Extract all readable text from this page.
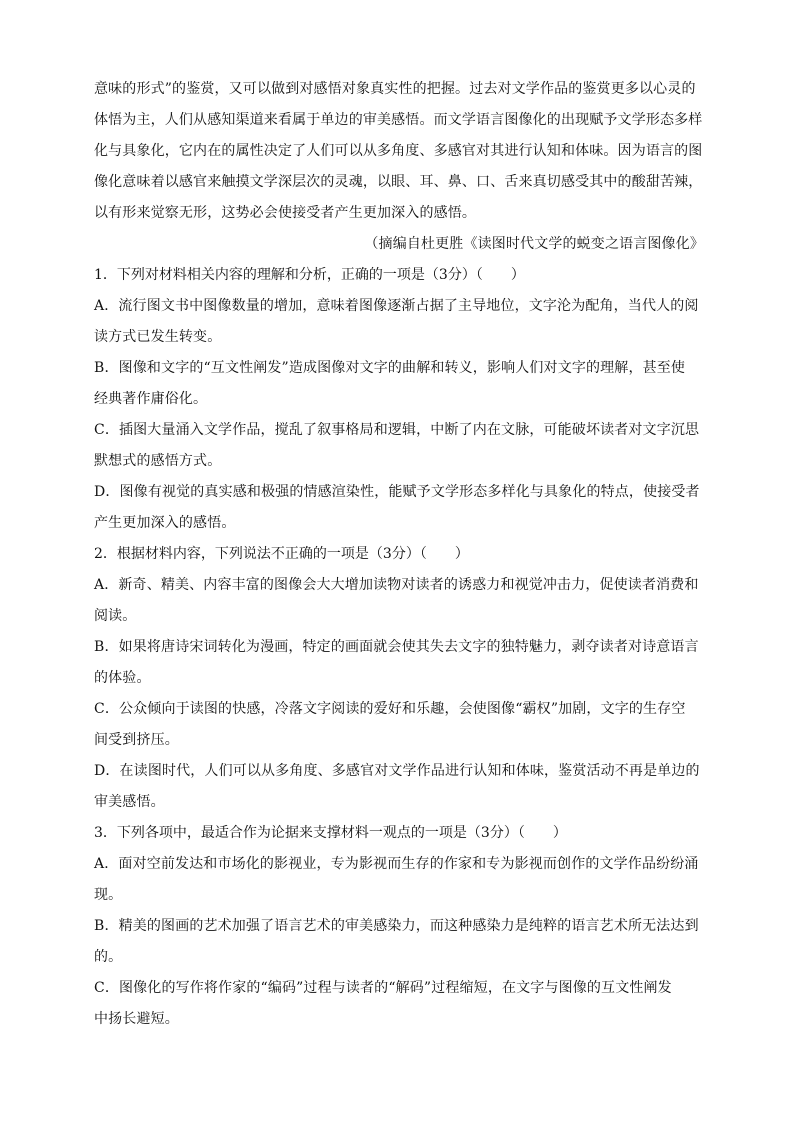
意味的形式”的鉴赏，又可以做到对感悟对象真实性的把握。过去对文学作品的鉴赏更多以心灵的
体悟为主，人们从感知渠道来看属于单边的审美感悟。而文学语言图像化的出现赋予文学形态多样
化与具象化，它内在的属性决定了人们可以从多角度、多感官对其进行认知和体味。因为语言的图
像化意味着以感官来触摸文学深层次的灵魂，以眼、耳、鼻、口、舌来真切感受其中的酸甜苦辣，
以有形来觉察无形，这势必会使接受者产生更加深入的感悟。
（摘编自杜更胜《读图时代文学的蜕变之语言图像化》
1．下列对材料相关内容的理解和分析，正确的一项是（3分）（　　）
A．流行图文书中图像数量的增加，意味着图像逐渐占据了主导地位，文字沦为配角，当代人的阅
读方式已发生转变。
B．图像和文字的“互文性阐发”造成图像对文字的曲解和转义，影响人们对文字的理解，甚至使
经典著作庸俗化。
C．插图大量涌入文学作品，搅乱了叙事格局和逻辑，中断了内在文脉，可能破坏读者对文字沉思
默想式的感悟方式。
D．图像有视觉的真实感和极强的情感渲染性，能赋予文学形态多样化与具象化的特点，使接受者
产生更加深入的感悟。
2．根据材料内容，下列说法不正确的一项是（3分）（　　）
A．新奇、精美、内容丰富的图像会大大增加读物对读者的诱惑力和视觉冲击力，促使读者消费和
阅读。
B．如果将唐诗宋词转化为漫画，特定的画面就会使其失去文字的独特魅力，剥夺读者对诗意语言
的体验。
C．公众倾向于读图的快感，冷落文字阅读的爱好和乐趣，会使图像“霸权”加剧，文字的生存空
间受到挤压。
D．在读图时代，人们可以从多角度、多感官对文学作品进行认知和体味，鉴赏活动不再是单边的
审美感悟。
3．下列各项中，最适合作为论据来支撑材料一观点的一项是（3分）（　　）
A．面对空前发达和市场化的影视业，专为影视而生存的作家和专为影视而创作的文学作品纷纷涌
现。
B．精美的图画的艺术加强了语言艺术的审美感染力，而这种感染力是纯粹的语言艺术所无法达到
的。
C．图像化的写作将作家的“编码”过程与读者的“解码”过程缩短，在文字与图像的互文性阐发
中扬长避短。
